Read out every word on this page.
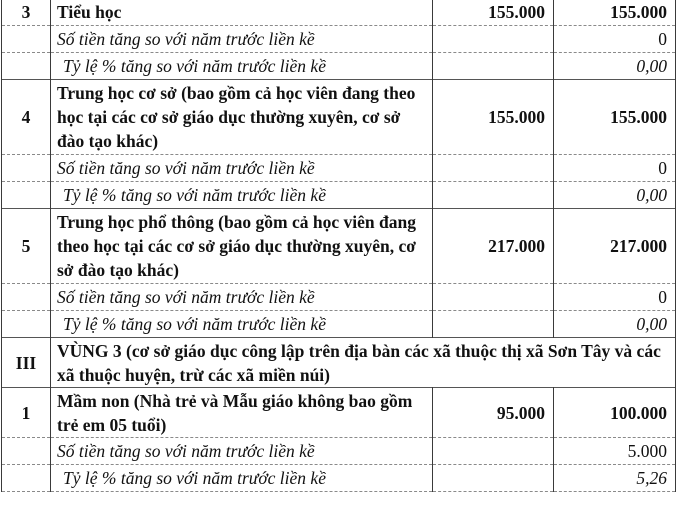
3	Tiểu học	155.000	155.000
	Số tiền tăng so với năm trước liền kề		0
	Tỷ lệ % tăng so với năm trước liền kề		0,00
4	Trung học cơ sở (bao gồm cả học viên đang theo học tại các cơ sở giáo dục thường xuyên, cơ sở đào tạo khác)	155.000	155.000
	Số tiền tăng so với năm trước liền kề		0
	Tỷ lệ % tăng so với năm trước liền kề		0,00
5	Trung học phổ thông (bao gồm cả học viên đang theo học tại các cơ sở giáo dục thường xuyên, cơ sở đào tạo khác)	217.000	217.000
	Số tiền tăng so với năm trước liền kề		0
	Tỷ lệ % tăng so với năm trước liền kề		0,00
III	VÙNG 3 (cơ sở giáo dục công lập trên địa bàn các xã thuộc thị xã Sơn Tây và các xã thuộc huyện, trừ các xã miền núi)		
1	Mầm non (Nhà trẻ và Mẫu giáo không bao gồm trẻ em 05 tuổi)	95.000	100.000
	Số tiền tăng so với năm trước liền kề		5.000
	Tỷ lệ % tăng so với năm trước liền kề		5,26
